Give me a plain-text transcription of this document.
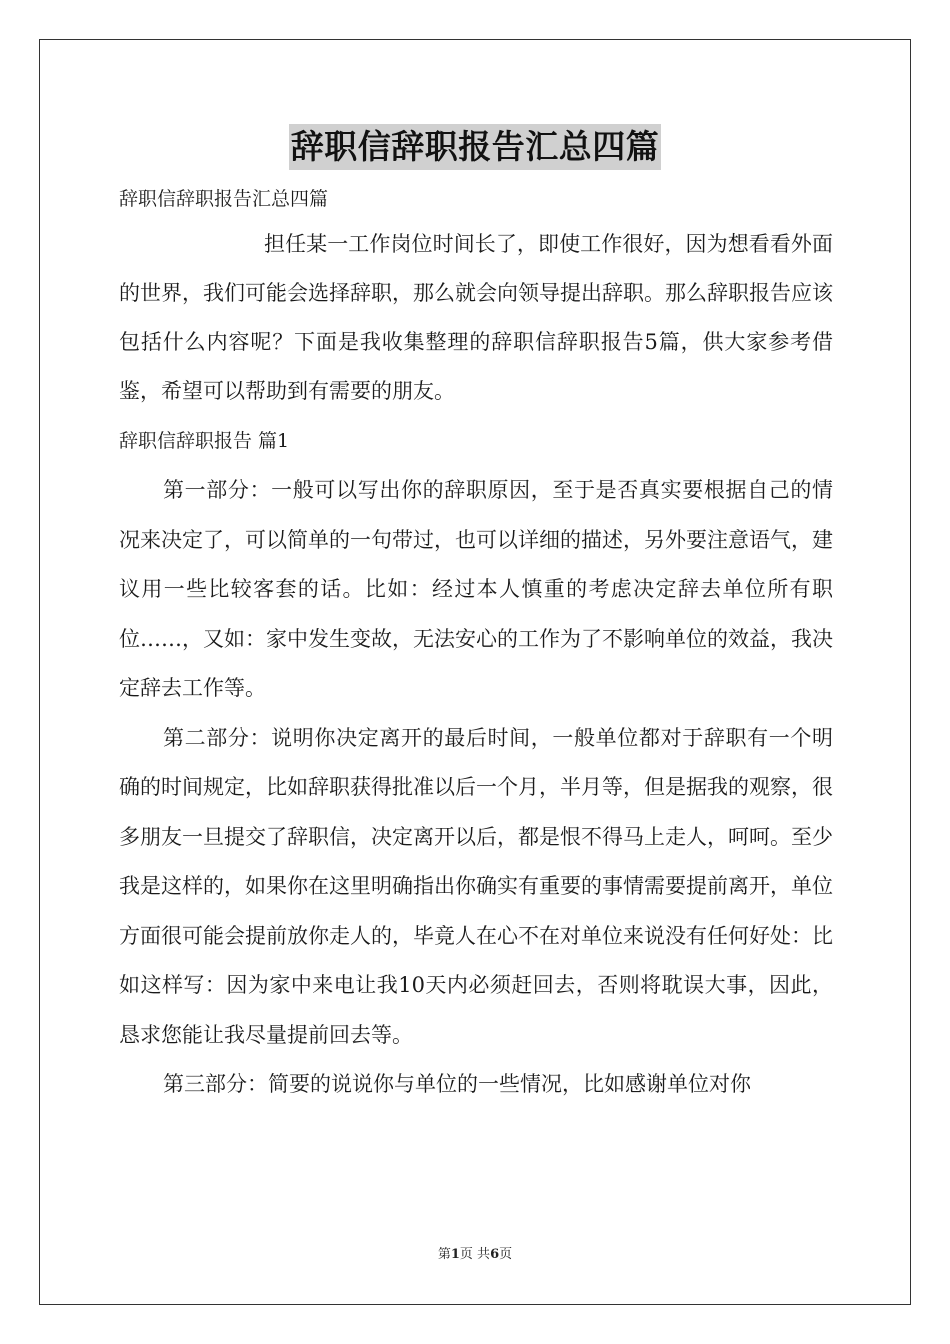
辞职信辞职报告汇总四篇

辞职信辞职报告汇总四篇

担任某一工作岗位时间长了，即使工作很好，因为想看看外面的世界，我们可能会选择辞职，那么就会向领导提出辞职。那么辞职报告应该包括什么内容呢？下面是我收集整理的辞职信辞职报告5篇，供大家参考借鉴，希望可以帮助到有需要的朋友。

辞职信辞职报告 篇1

第一部分：一般可以写出你的辞职原因，至于是否真实要根据自己的情况来决定了，可以简单的一句带过，也可以详细的描述，另外要注意语气，建议用一些比较客套的话。比如：经过本人慎重的考虑决定辞去单位所有职位……，又如：家中发生变故，无法安心的工作为了不影响单位的效益，我决定辞去工作等。

第二部分：说明你决定离开的最后时间，一般单位都对于辞职有一个明确的时间规定，比如辞职获得批准以后一个月，半月等，但是据我的观察，很多朋友一旦提交了辞职信，决定离开以后，都是恨不得马上走人，呵呵。至少我是这样的，如果你在这里明确指出你确实有重要的事情需要提前离开，单位方面很可能会提前放你走人的，毕竟人在心不在对单位来说没有任何好处：比如这样写：因为家中来电让我10天内必须赶回去，否则将耽误大事，因此，恳求您能让我尽量提前回去等。

第三部分：简要的说说你与单位的一些情况，比如感谢单位对你

第1页 共6页
